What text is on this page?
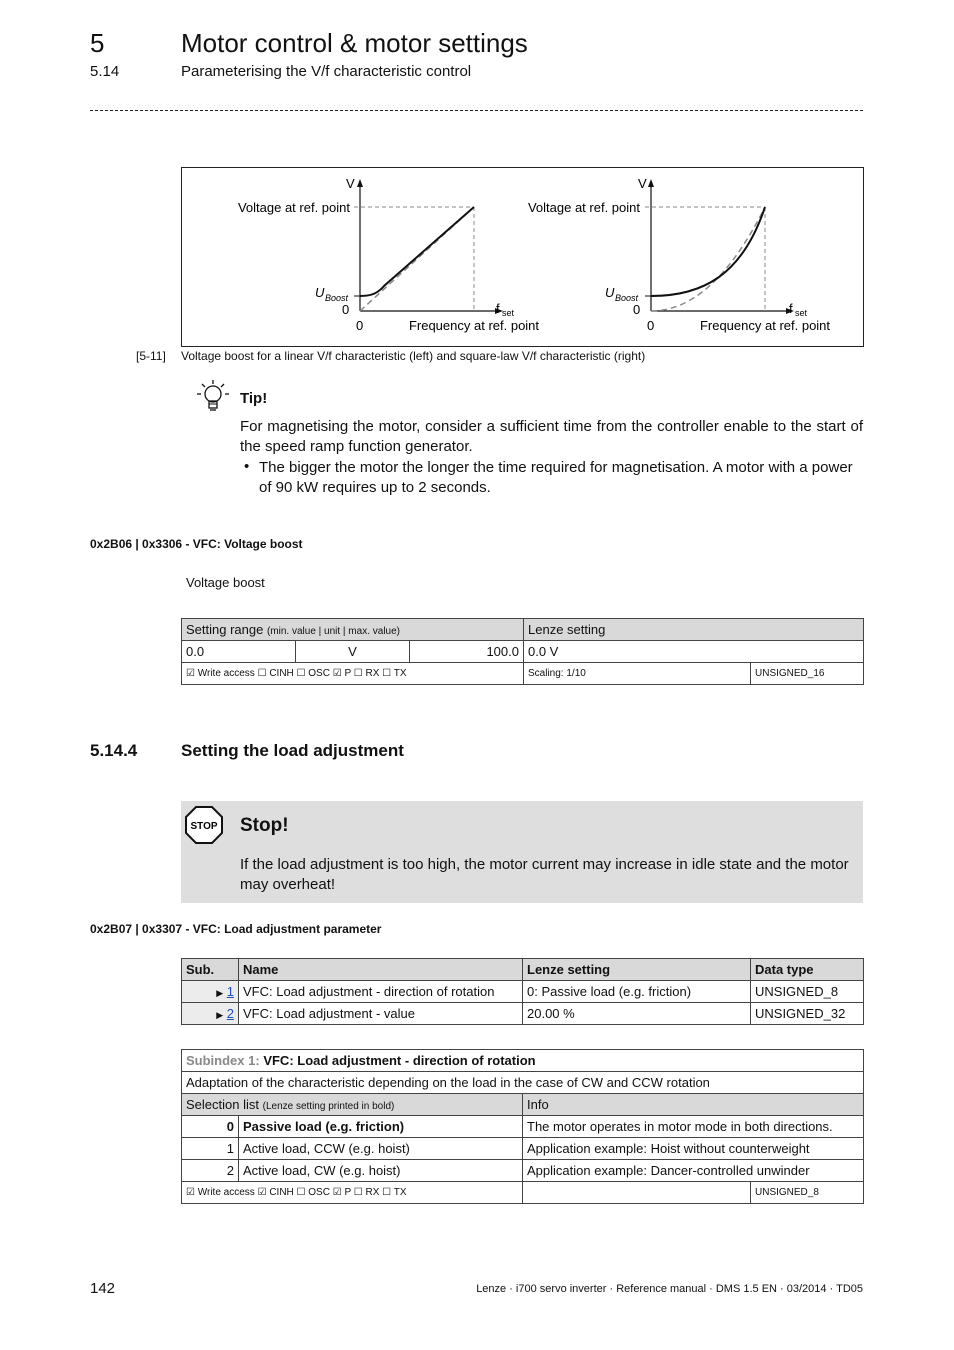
5	Motor control & motor settings
5.14	Parameterising the V/f characteristic control
V
Voltage at ref. point
U Boost
0
0
f set
Frequency at ref. point
V
Voltage at ref. point
U Boost
0
0
f set
Frequency at ref. point
[5-11] Voltage boost for a linear V/f characteristic (left) and square-law V/f characteristic (right)
Tip!
For magnetising the motor, consider a sufficient time from the controller enable to the start of the speed ramp function generator.
• The bigger the motor the longer the time required for magnetisation. A motor with a power of 90 kW requires up to 2 seconds.
0x2B06 | 0x3306 - VFC: Voltage boost
Voltage boost
Setting range (min. value | unit | max. value)			Lenze setting	
0.0	V	100.0	0.0 V	
☑ Write access ☐ CINH ☐ OSC ☑ P ☐ RX ☐ TX			Scaling: 1/10	UNSIGNED_16
5.14.4	Setting the load adjustment
STOP Stop!
If the load adjustment is too high, the motor current may increase in idle state and the motor may overheat!
0x2B07 | 0x3307 - VFC: Load adjustment parameter
Sub.	Name	Lenze setting	Data type
▶ 1	VFC: Load adjustment - direction of rotation	0: Passive load (e.g. friction)	UNSIGNED_8
▶ 2	VFC: Load adjustment - value	20.00 %	UNSIGNED_32
Subindex 1: VFC: Load adjustment - direction of rotation			
Adaptation of the characteristic depending on the load in the case of CW and CCW rotation			
Selection list (Lenze setting printed in bold)		Info	
0	Passive load (e.g. friction)	The motor operates in motor mode in both directions.	
1	Active load, CCW (e.g. hoist)	Application example: Hoist without counterweight	
2	Active load, CW (e.g. hoist)	Application example: Dancer-controlled unwinder	
☑ Write access ☑ CINH ☐ OSC ☑ P ☐ RX ☐ TX			UNSIGNED_8
142	Lenze · i700 servo inverter · Reference manual · DMS 1.5 EN · 03/2014 · TD05
